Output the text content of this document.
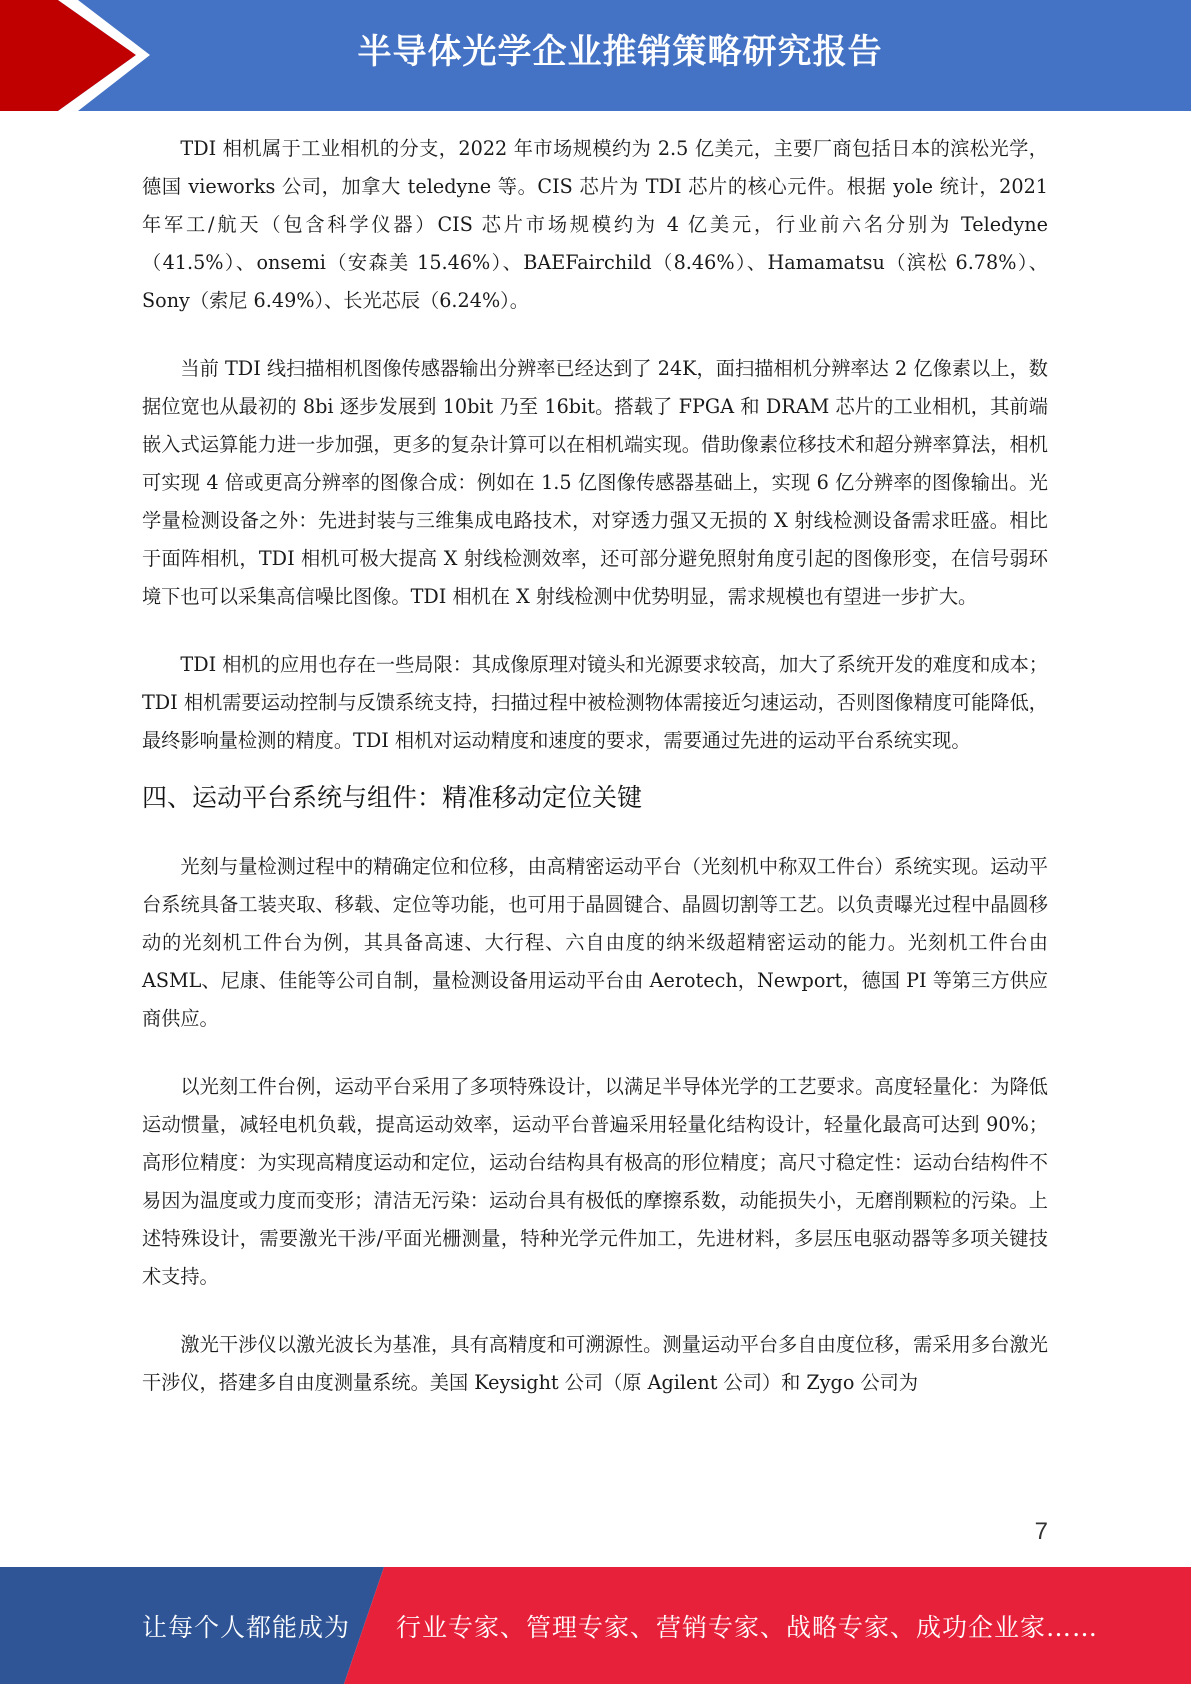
半导体光学企业推销策略研究报告

TDI 相机属于工业相机的分支，2022 年市场规模约为 2.5 亿美元，主要厂商包括日本的滨松光学，德国 vieworks 公司，加拿大 teledyne 等。CIS 芯片为 TDI 芯片的核心元件。根据 yole 统计，2021 年军工/航天（包含科学仪器）CIS 芯片市场规模约为 4 亿美元，行业前六名分别为 Teledyne（41.5%）、onsemi（安森美 15.46%）、BAEFairchild（8.46%）、Hamamatsu（滨松 6.78%）、Sony（索尼 6.49%）、长光芯辰（6.24%）。

当前 TDI 线扫描相机图像传感器输出分辨率已经达到了 24K，面扫描相机分辨率达 2 亿像素以上，数据位宽也从最初的 8bi 逐步发展到 10bit 乃至 16bit。搭载了 FPGA 和 DRAM 芯片的工业相机，其前端嵌入式运算能力进一步加强，更多的复杂计算可以在相机端实现。借助像素位移技术和超分辨率算法，相机可实现 4 倍或更高分辨率的图像合成：例如在 1.5 亿图像传感器基础上，实现 6 亿分辨率的图像输出。光学量检测设备之外：先进封装与三维集成电路技术，对穿透力强又无损的 X 射线检测设备需求旺盛。相比于面阵相机，TDI 相机可极大提高 X 射线检测效率，还可部分避免照射角度引起的图像形变，在信号弱环境下也可以采集高信噪比图像。TDI 相机在 X 射线检测中优势明显，需求规模也有望进一步扩大。

TDI 相机的应用也存在一些局限：其成像原理对镜头和光源要求较高，加大了系统开发的难度和成本；TDI 相机需要运动控制与反馈系统支持，扫描过程中被检测物体需接近匀速运动，否则图像精度可能降低，最终影响量检测的精度。TDI 相机对运动精度和速度的要求，需要通过先进的运动平台系统实现。

四、运动平台系统与组件：精准移动定位关键

光刻与量检测过程中的精确定位和位移，由高精密运动平台（光刻机中称双工件台）系统实现。运动平台系统具备工装夹取、移载、定位等功能，也可用于晶圆键合、晶圆切割等工艺。以负责曝光过程中晶圆移动的光刻机工件台为例，其具备高速、大行程、六自由度的纳米级超精密运动的能力。光刻机工件台由 ASML、尼康、佳能等公司自制，量检测设备用运动平台由 Aerotech，Newport，德国 PI 等第三方供应商供应。

以光刻工件台例，运动平台采用了多项特殊设计，以满足半导体光学的工艺要求。高度轻量化：为降低运动惯量，减轻电机负载，提高运动效率，运动平台普遍采用轻量化结构设计，轻量化最高可达到 90%；高形位精度：为实现高精度运动和定位，运动台结构具有极高的形位精度；高尺寸稳定性：运动台结构件不易因为温度或力度而变形；清洁无污染：运动台具有极低的摩擦系数，动能损失小，无磨削颗粒的污染。上述特殊设计，需要激光干涉/平面光栅测量，特种光学元件加工，先进材料，多层压电驱动器等多项关键技术支持。

激光干涉仪以激光波长为基准，具有高精度和可溯源性。测量运动平台多自由度位移，需采用多台激光干涉仪，搭建多自由度测量系统。美国 Keysight 公司（原 Agilent 公司）和 Zygo 公司为

7
让每个人都能成为 行业专家、管理专家、营销专家、战略专家、成功企业家……
